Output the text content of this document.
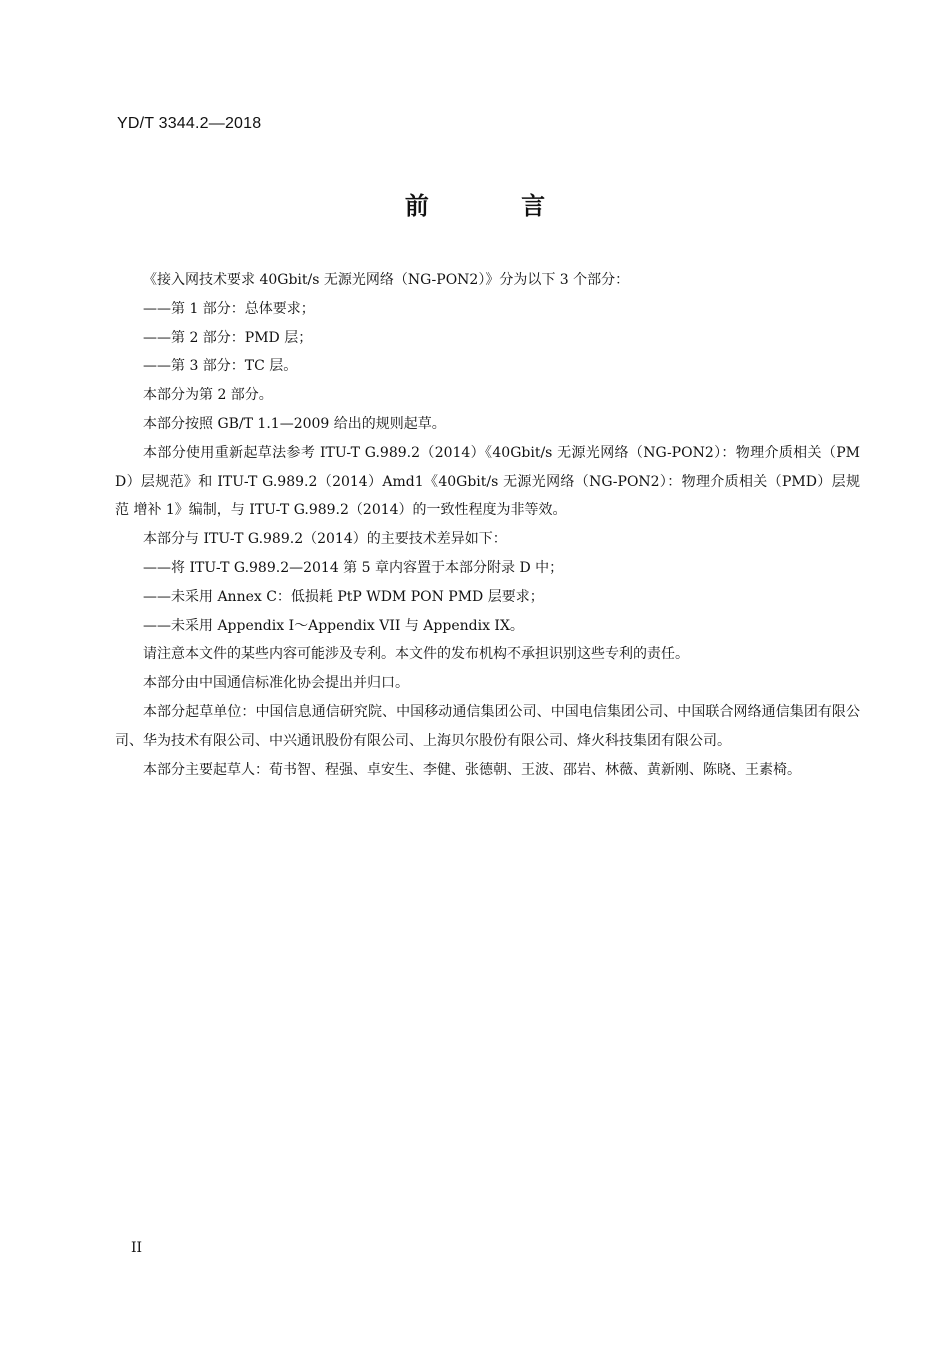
YD/T 3344.2—2018
前 言

《接入网技术要求 40Gbit/s 无源光网络（NG-PON2）》分为以下 3 个部分：

——第 1 部分：总体要求；

——第 2 部分：PMD 层；

——第 3 部分：TC 层。

本部分为第 2 部分。

本部分按照 GB/T 1.1—2009 给出的规则起草。

本部分使用重新起草法参考 ITU-T G.989.2（2014）《40Gbit/s 无源光网络（NG-PON2）：物理介质相关（PMD）层规范》和 ITU-T G.989.2（2014）Amd1《40Gbit/s 无源光网络（NG-PON2）：物理介质相关（PMD）层规范 增补 1》编制，与 ITU-T G.989.2（2014）的一致性程度为非等效。

本部分与 ITU-T G.989.2（2014）的主要技术差异如下：

——将 ITU-T G.989.2—2014 第 5 章内容置于本部分附录 D 中；

——未采用 Annex C：低损耗 PtP WDM PON PMD 层要求；

——未采用 Appendix I～Appendix VII 与 Appendix IX。

请注意本文件的某些内容可能涉及专利。本文件的发布机构不承担识别这些专利的责任。

本部分由中国通信标准化协会提出并归口。

本部分起草单位：中国信息通信研究院、中国移动通信集团公司、中国电信集团公司、中国联合网络通信集团有限公司、华为技术有限公司、中兴通讯股份有限公司、上海贝尔股份有限公司、烽火科技集团有限公司。

本部分主要起草人：荀书智、程强、卓安生、李健、张德朝、王波、邵岩、林薇、黄新刚、陈晓、王素椅。

II
